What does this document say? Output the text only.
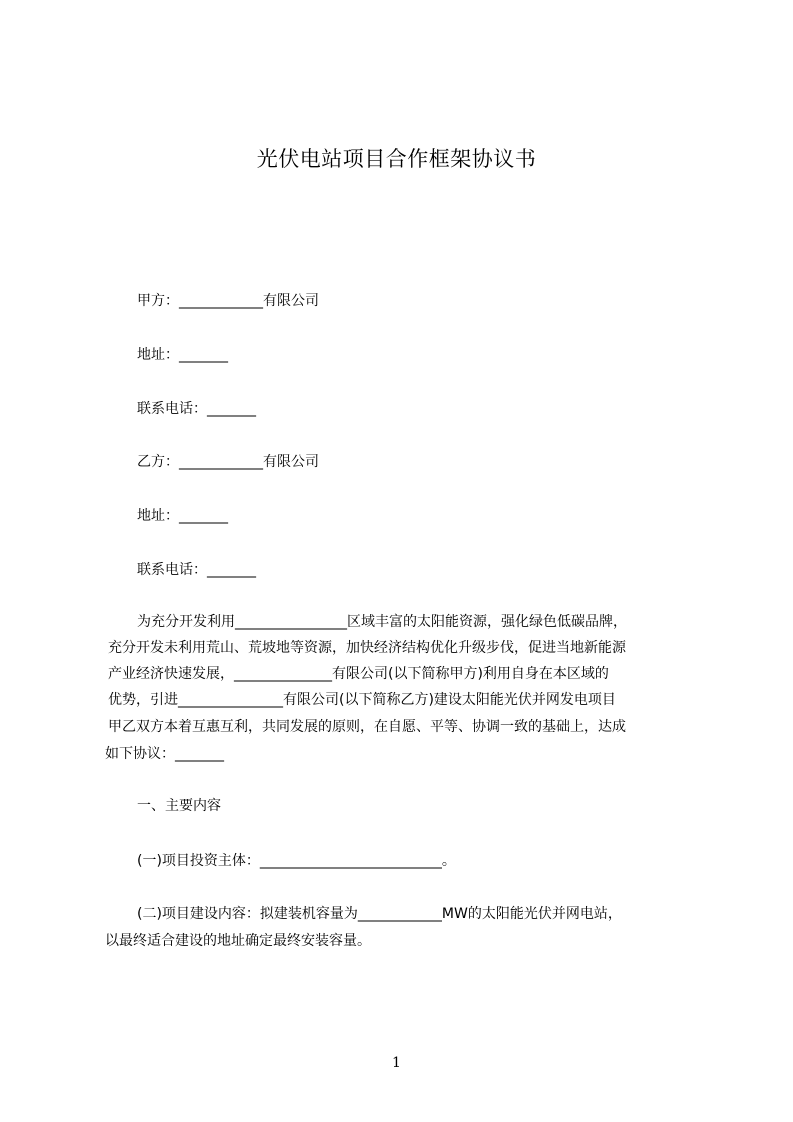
光伏电站项目合作框架协议书
甲方：____________有限公司
地址：_______
联系电话：_______
乙方：____________有限公司
地址：_______
联系电话：_______
为充分开发利用________________区域丰富的太阳能资源，强化绿色低碳品牌，
充分开发未利用荒山、荒坡地等资源，加快经济结构优化升级步伐，促进当地新能源
产业经济快速发展，______________有限公司(以下简称甲方)利用自身在本区域的
优势，引进_______________有限公司(以下简称乙方)建设太阳能光伏并网发电项目
甲乙双方本着互惠互利，共同发展的原则，在自愿、平等、协调一致的基础上，达成
如下协议：_______
一、主要内容
(一)项目投资主体：__________________________。
(二)项目建设内容：拟建装机容量为____________MW的太阳能光伏并网电站，
以最终适合建设的地址确定最终安装容量。
1
